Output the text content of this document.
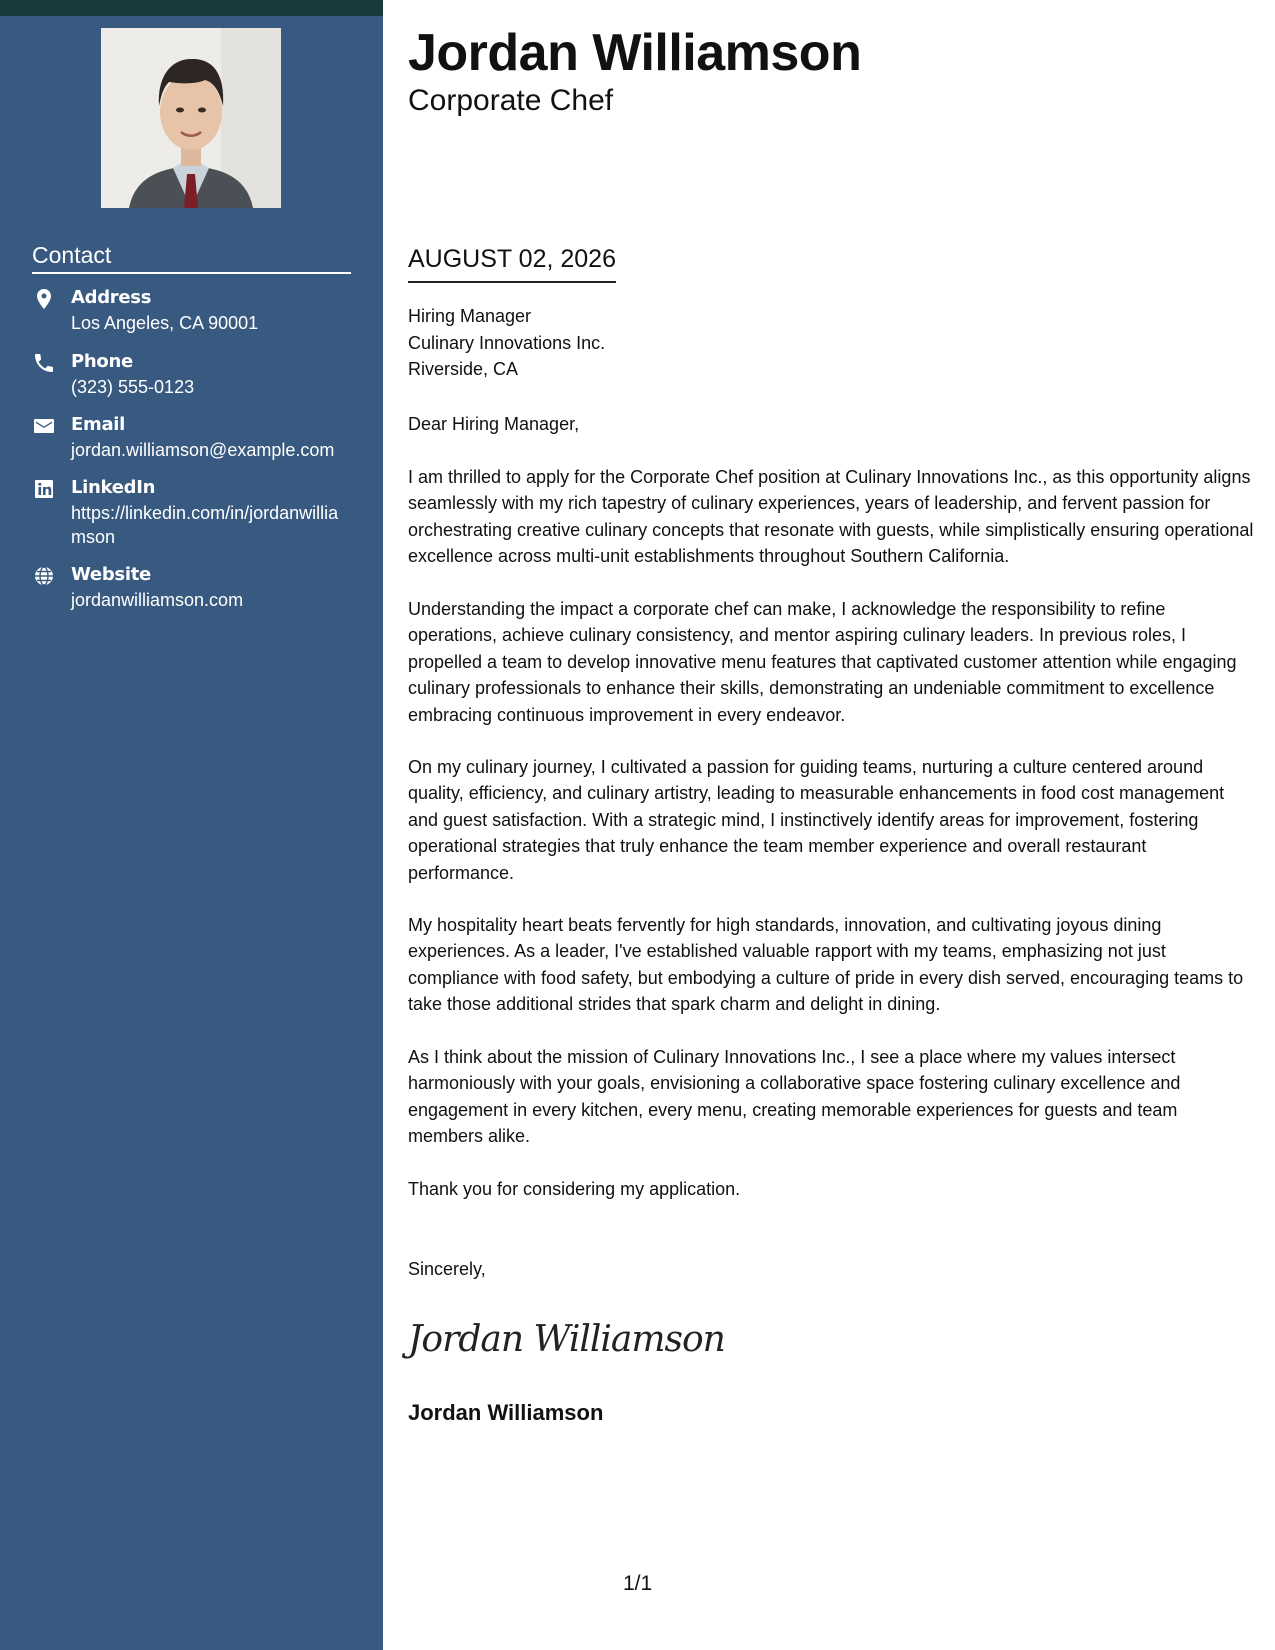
Contact
Address
Los Angeles, CA 90001
Phone
(323) 555-0123
Email
jordan.williamson@example.com
LinkedIn
https://linkedin.com/in/jordanwilliamson
Website
jordanwilliamson.com
Jordan Williamson
Corporate Chef
AUGUST 02, 2026
Hiring Manager
Culinary Innovations Inc.
Riverside, CA
Dear Hiring Manager,
I am thrilled to apply for the Corporate Chef position at Culinary Innovations Inc., as this opportunity aligns seamlessly with my rich tapestry of culinary experiences, years of leadership, and fervent passion for orchestrating creative culinary concepts that resonate with guests, while simplistically ensuring operational excellence across multi-unit establishments throughout Southern California.
Understanding the impact a corporate chef can make, I acknowledge the responsibility to refine operations, achieve culinary consistency, and mentor aspiring culinary leaders. In previous roles, I propelled a team to develop innovative menu features that captivated customer attention while engaging culinary professionals to enhance their skills, demonstrating an undeniable commitment to excellence embracing continuous improvement in every endeavor.
On my culinary journey, I cultivated a passion for guiding teams, nurturing a culture centered around quality, efficiency, and culinary artistry, leading to measurable enhancements in food cost management and guest satisfaction. With a strategic mind, I instinctively identify areas for improvement, fostering operational strategies that truly enhance the team member experience and overall restaurant performance.
My hospitality heart beats fervently for high standards, innovation, and cultivating joyous dining experiences. As a leader, I've established valuable rapport with my teams, emphasizing not just compliance with food safety, but embodying a culture of pride in every dish served, encouraging teams to take those additional strides that spark charm and delight in dining.
As I think about the mission of Culinary Innovations Inc., I see a place where my values intersect harmoniously with your goals, envisioning a collaborative space fostering culinary excellence and engagement in every kitchen, every menu, creating memorable experiences for guests and team members alike.
Thank you for considering my application.
Sincerely,
Jordan Williamson
Jordan Williamson
1/1
